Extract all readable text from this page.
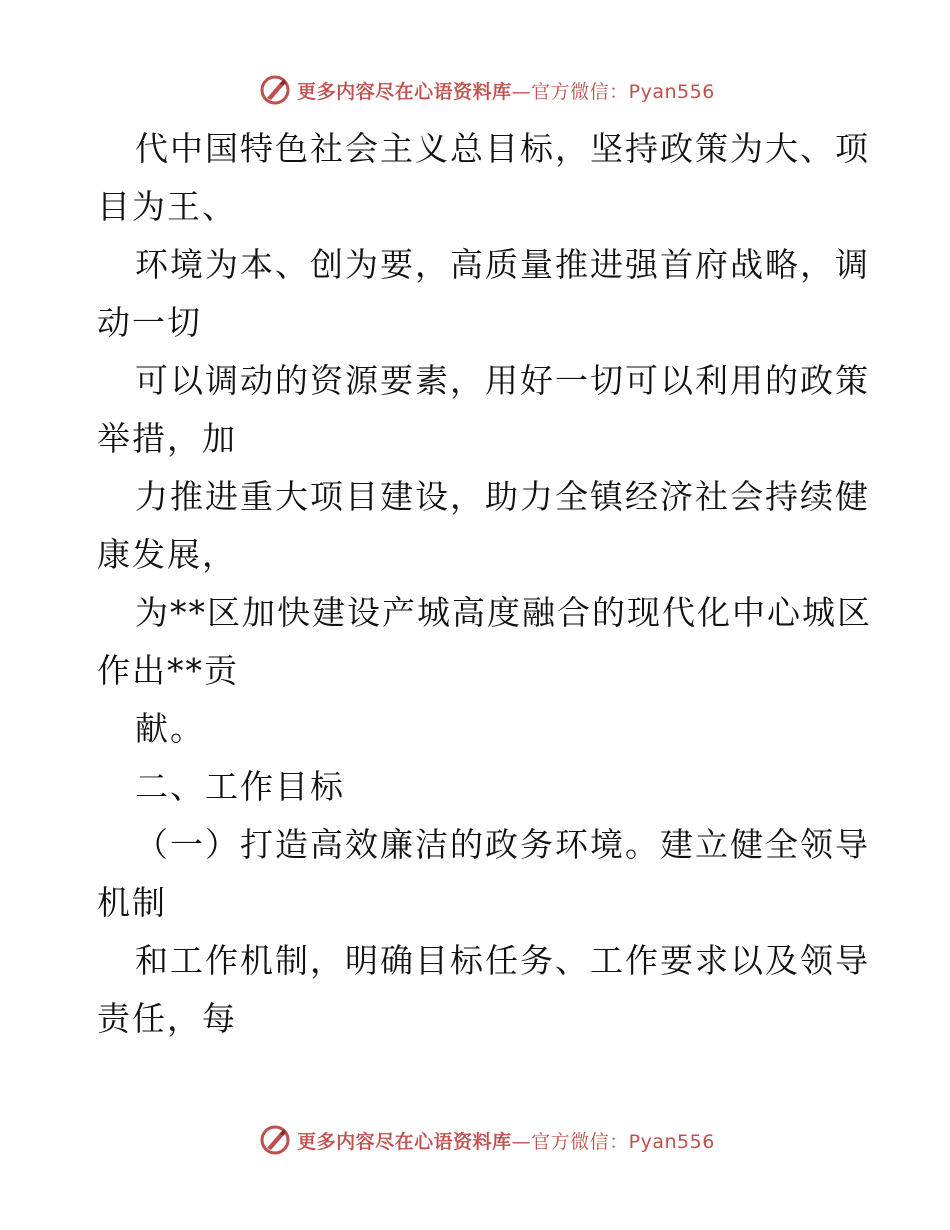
更多内容尽在心语资料库—官方微信：Pyan556
代中国特色社会主义总目标，坚持政策为大、项
目为王、
环境为本、创为要，高质量推进强首府战略，调
动一切
可以调动的资源要素，用好一切可以利用的政策
举措，加
力推进重大项目建设，助力全镇经济社会持续健
康发展，
为**区加快建设产城高度融合的现代化中心城区
作出**贡
献。
二、工作目标
（一）打造高效廉洁的政务环境。建立健全领导
机制
和工作机制，明确目标任务、工作要求以及领导
责任，每
更多内容尽在心语资料库—官方微信：Pyan556
